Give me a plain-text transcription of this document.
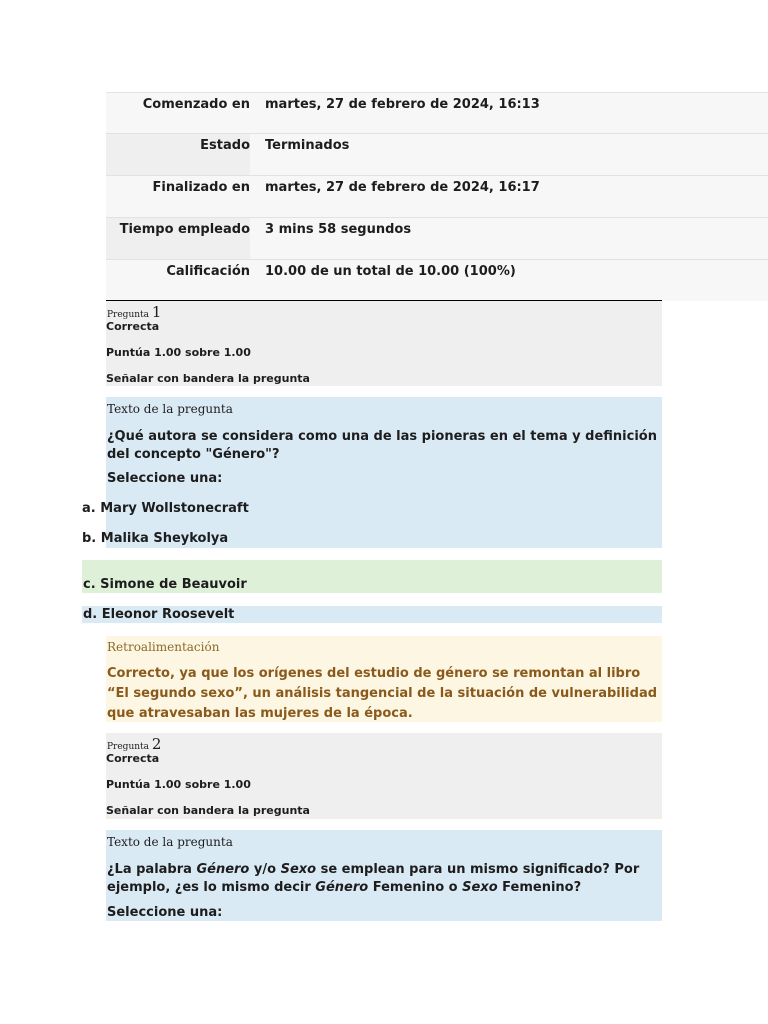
Comenzado en	martes, 27 de febrero de 2024, 16:13
Estado	Terminados
Finalizado en	martes, 27 de febrero de 2024, 16:17
Tiempo empleado	3 mins 58 segundos
Calificación	10.00 de un total de 10.00 (100%)
Pregunta 1
Correcta
Puntúa 1.00 sobre 1.00
Señalar con bandera la pregunta
Texto de la pregunta
¿Qué autora se considera como una de las pioneras en el tema y definición del concepto "Género"?
Seleccione una:
a. Mary Wollstonecraft
b. Malika Sheykolya
c. Simone de Beauvoir
d. Eleonor Roosevelt
Retroalimentación
Correcto, ya que los orígenes del estudio de género se remontan al libro “El segundo sexo”, un análisis tangencial de la situación de vulnerabilidad que atravesaban las mujeres de la época.
Pregunta 2
Correcta
Puntúa 1.00 sobre 1.00
Señalar con bandera la pregunta
Texto de la pregunta
¿La palabra Género y/o Sexo se emplean para un mismo significado? Por ejemplo, ¿es lo mismo decir Género Femenino o Sexo Femenino?
Seleccione una:
